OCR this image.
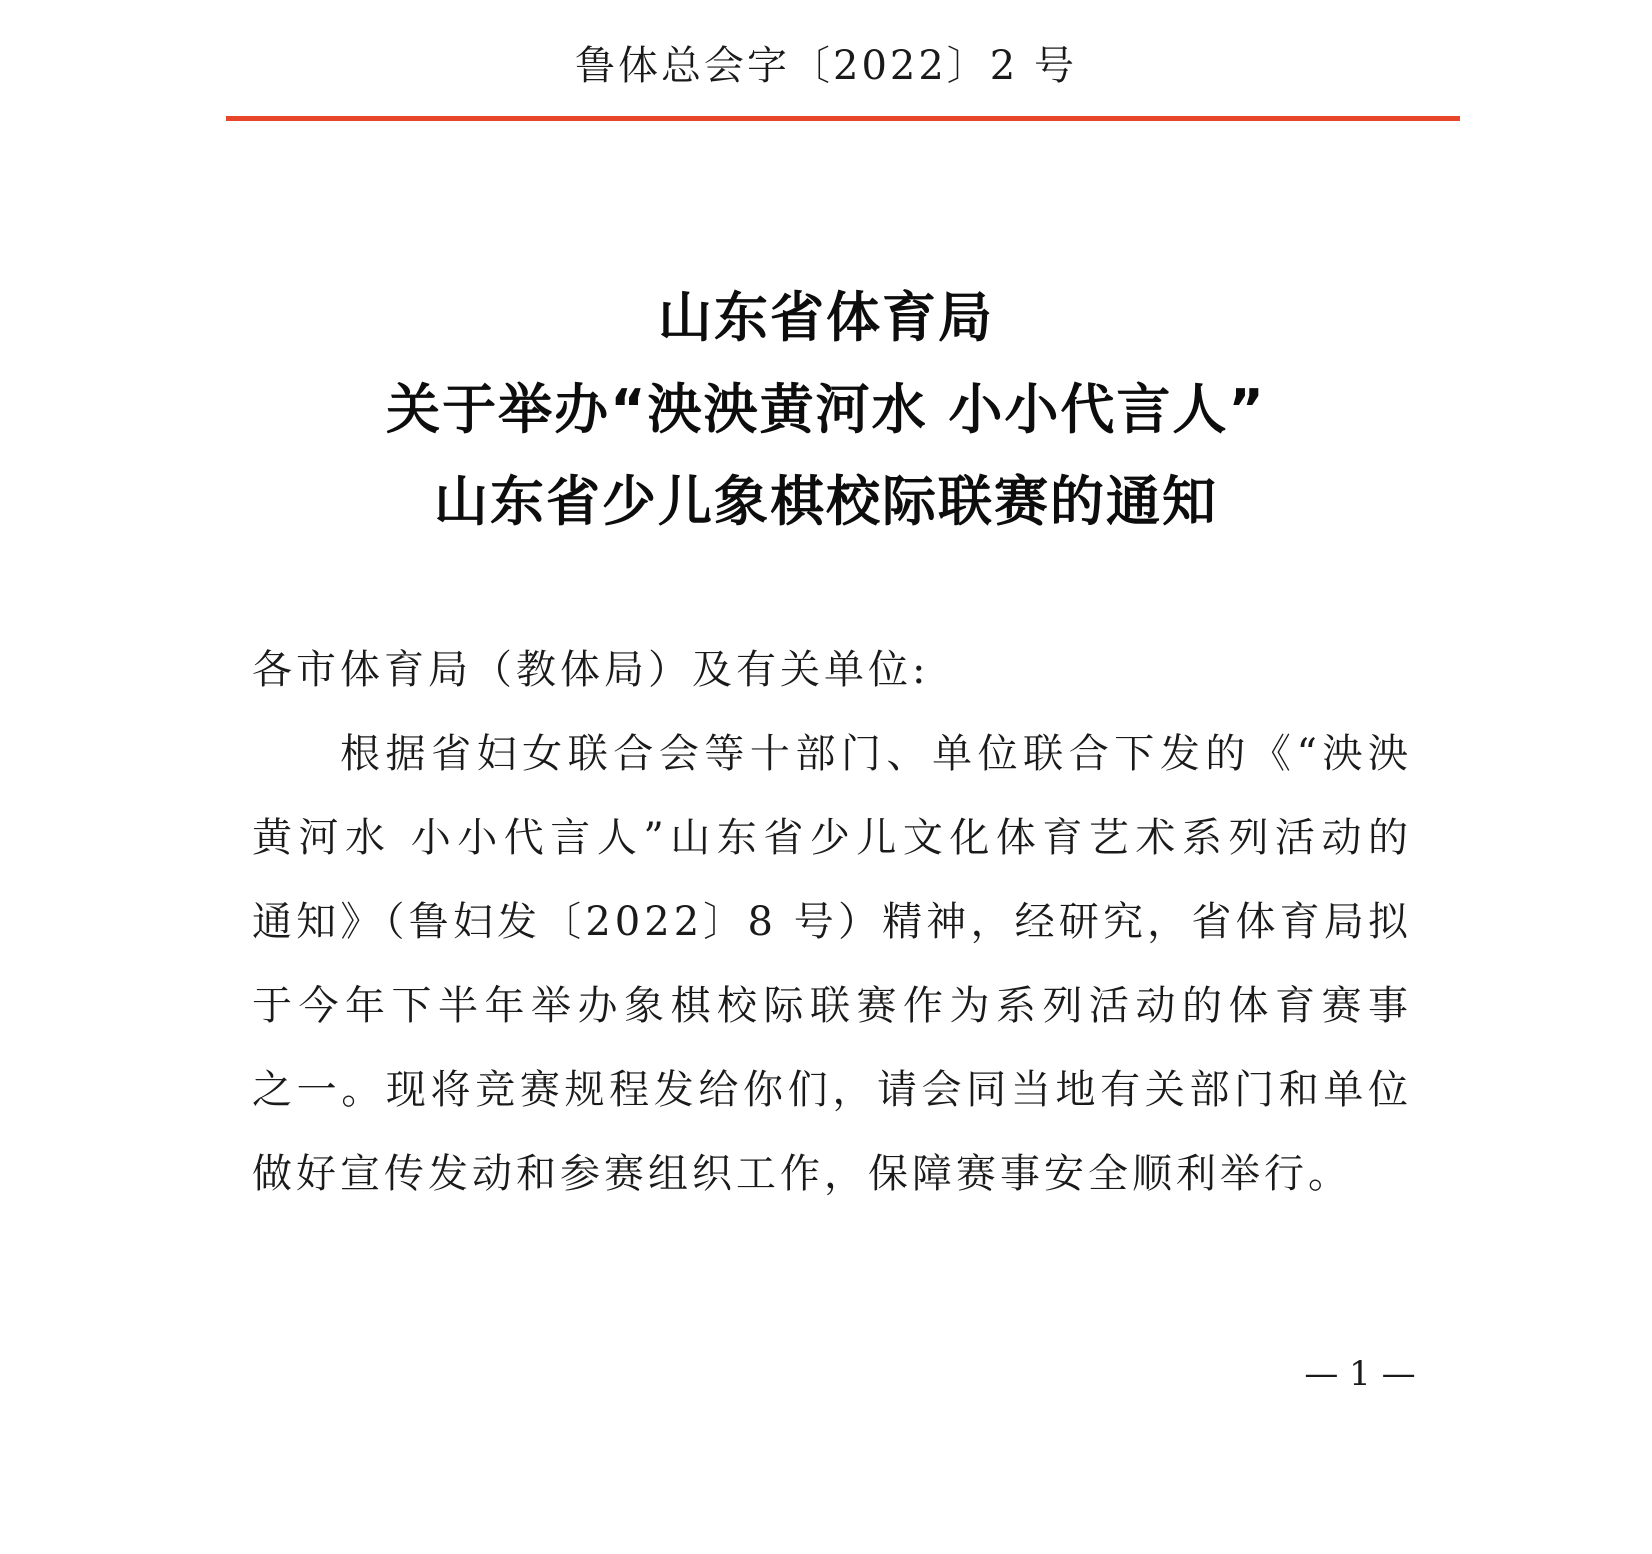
鲁体总会字〔2022〕2 号
山东省体育局
关于举办“泱泱黄河水 小小代言人”
山东省少儿象棋校际联赛的通知
各市体育局（教体局）及有关单位:
根据省妇女联合会等十部门、单位联合下发的《“泱泱
黄河水 小小代言人”山东省少儿文化体育艺术系列活动的
通知》（鲁妇发〔2022〕8 号）精神，经研究，省体育局拟
于今年下半年举办象棋校际联赛作为系列活动的体育赛事
之一。现将竞赛规程发给你们，请会同当地有关部门和单位
做好宣传发动和参赛组织工作，保障赛事安全顺利举行。
— 1 —
